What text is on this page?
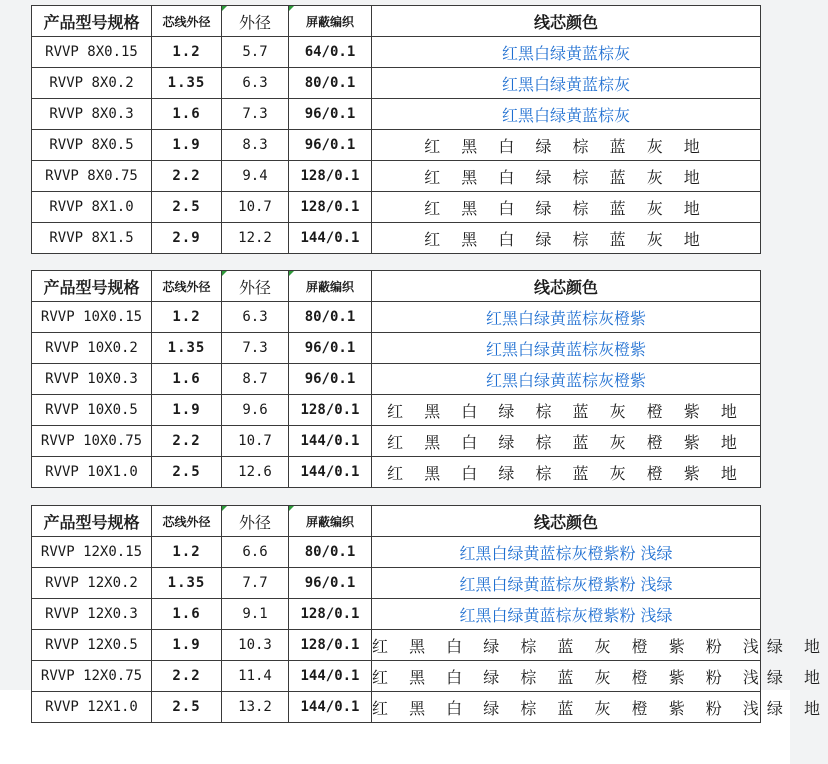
产品型号规格	芯线外径	外径	屏蔽编织	线芯颜色
RVVP 8X0.15	1.2	5.7	64/0.1	红黑白绿黄蓝棕灰
RVVP 8X0.2	1.35	6.3	80/0.1	红黑白绿黄蓝棕灰
RVVP 8X0.3	1.6	7.3	96/0.1	红黑白绿黄蓝棕灰
RVVP 8X0.5	1.9	8.3	96/0.1	红 黑 白 绿 棕 蓝 灰 地
RVVP 8X0.75	2.2	9.4	128/0.1	红 黑 白 绿 棕 蓝 灰 地
RVVP 8X1.0	2.5	10.7	128/0.1	红 黑 白 绿 棕 蓝 灰 地
RVVP 8X1.5	2.9	12.2	144/0.1	红 黑 白 绿 棕 蓝 灰 地
产品型号规格	芯线外径	外径	屏蔽编织	线芯颜色
RVVP 10X0.15	1.2	6.3	80/0.1	红黑白绿黄蓝棕灰橙紫
RVVP 10X0.2	1.35	7.3	96/0.1	红黑白绿黄蓝棕灰橙紫
RVVP 10X0.3	1.6	8.7	96/0.1	红黑白绿黄蓝棕灰橙紫
RVVP 10X0.5	1.9	9.6	128/0.1	红 黑 白 绿 棕 蓝 灰 橙 紫 地
RVVP 10X0.75	2.2	10.7	144/0.1	红 黑 白 绿 棕 蓝 灰 橙 紫 地
RVVP 10X1.0	2.5	12.6	144/0.1	红 黑 白 绿 棕 蓝 灰 橙 紫 地
产品型号规格	芯线外径	外径	屏蔽编织	线芯颜色
RVVP 12X0.15	1.2	6.6	80/0.1	红黑白绿黄蓝棕灰橙紫粉 浅绿
RVVP 12X0.2	1.35	7.7	96/0.1	红黑白绿黄蓝棕灰橙紫粉 浅绿
RVVP 12X0.3	1.6	9.1	128/0.1	红黑白绿黄蓝棕灰橙紫粉 浅绿
RVVP 12X0.5	1.9	10.3	128/0.1	红 黑 白 绿 棕 蓝 灰 橙 紫 粉 浅绿 地
RVVP 12X0.75	2.2	11.4	144/0.1	红 黑 白 绿 棕 蓝 灰 橙 紫 粉 浅绿 地
RVVP 12X1.0	2.5	13.2	144/0.1	红 黑 白 绿 棕 蓝 灰 橙 紫 粉 浅绿 地
